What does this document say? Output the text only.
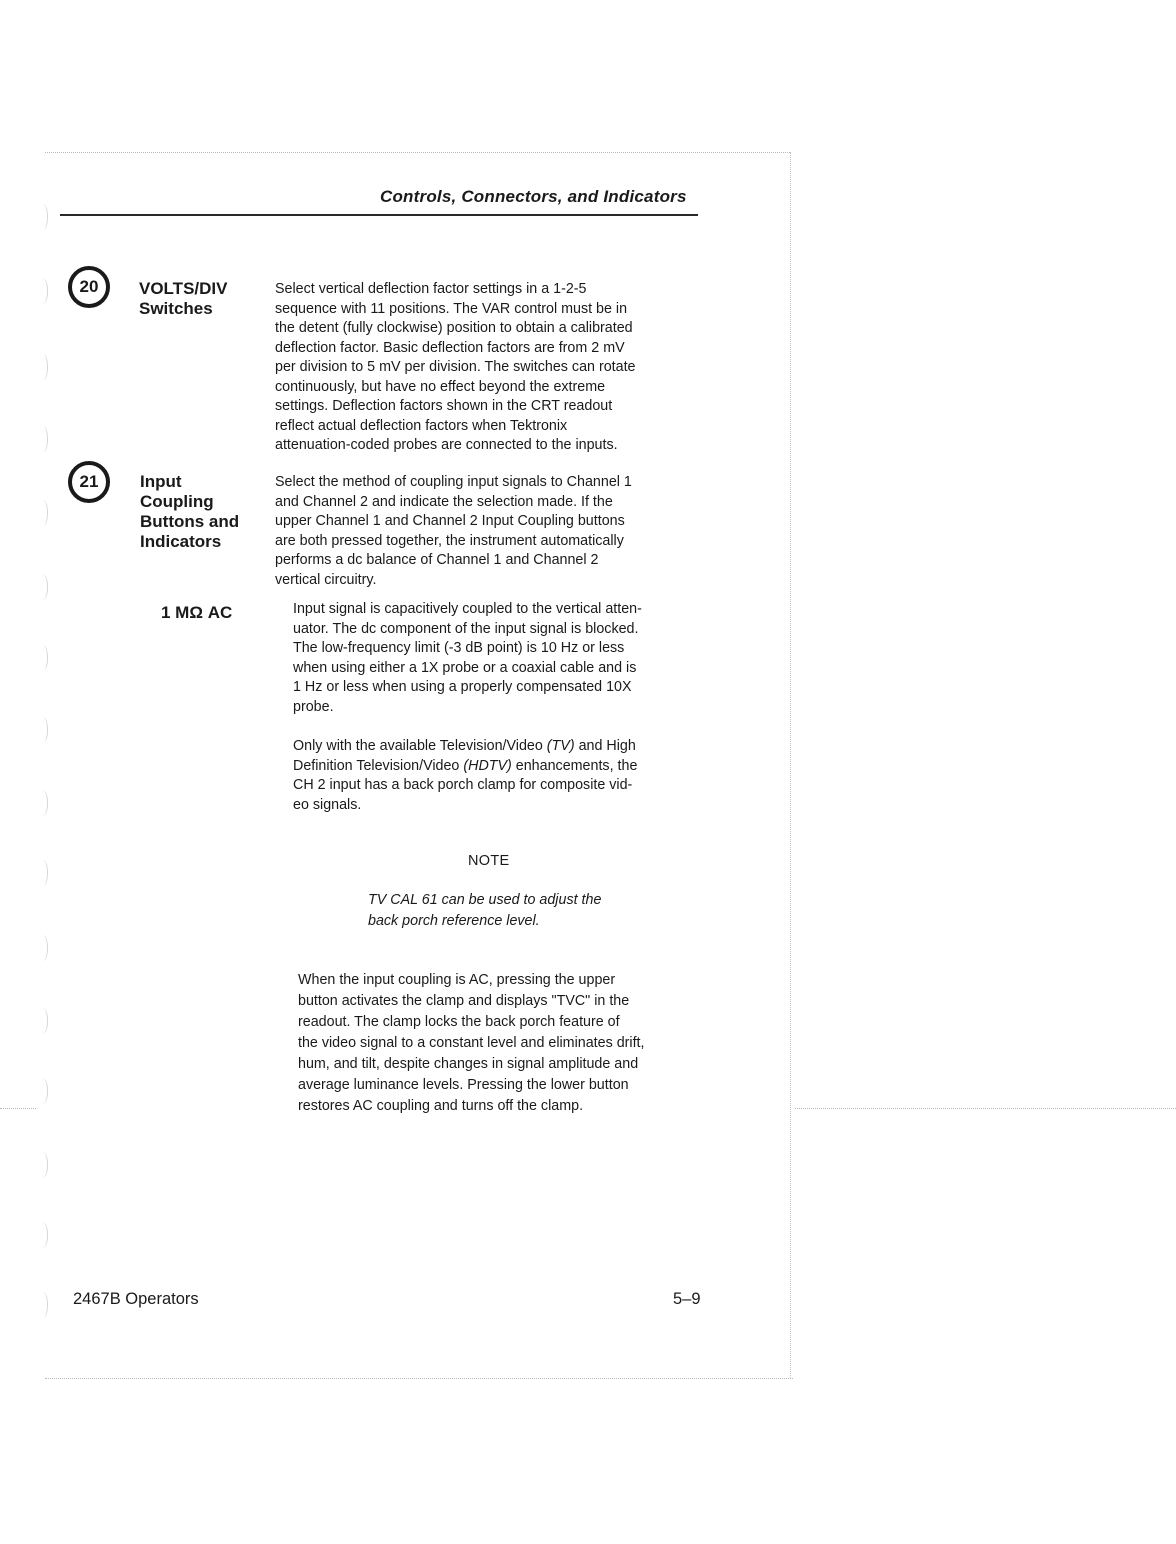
Controls, Connectors, and Indicators
20	VOLTS/DIV
Switches
Select vertical deflection factor settings in a 1-2-5
sequence with 11 positions. The VAR control must be in
the detent (fully clockwise) position to obtain a calibrated
deflection factor. Basic deflection factors are from 2 mV
per division to 5 mV per division. The switches can rotate
continuously, but have no effect beyond the extreme
settings. Deflection factors shown in the CRT readout
reflect actual deflection factors when Tektronix
attenuation-coded probes are connected to the inputs.
21	Input
Coupling
Buttons and
Indicators
Select the method of coupling input signals to Channel 1
and Channel 2 and indicate the selection made. If the
upper Channel 1 and Channel 2 Input Coupling buttons
are both pressed together, the instrument automatically
performs a dc balance of Channel 1 and Channel 2
vertical circuitry.
1 MΩ AC	Input signal is capacitively coupled to the vertical atten-
uator. The dc component of the input signal is blocked.
The low-frequency limit (-3 dB point) is 10 Hz or less
when using either a 1X probe or a coaxial cable and is
1 Hz or less when using a properly compensated 10X
probe.
Only with the available Television/Video (TV) and High
Definition Television/Video (HDTV) enhancements, the
CH 2 input has a back porch clamp for composite vid-
eo signals.
NOTE
TV CAL 61 can be used to adjust the
back porch reference level.
When the input coupling is AC, pressing the upper
button activates the clamp and displays "TVC" in the
readout. The clamp locks the back porch feature of
the video signal to a constant level and eliminates drift,
hum, and tilt, despite changes in signal amplitude and
average luminance levels. Pressing the lower button
restores AC coupling and turns off the clamp.
2467B Operators	5–9
